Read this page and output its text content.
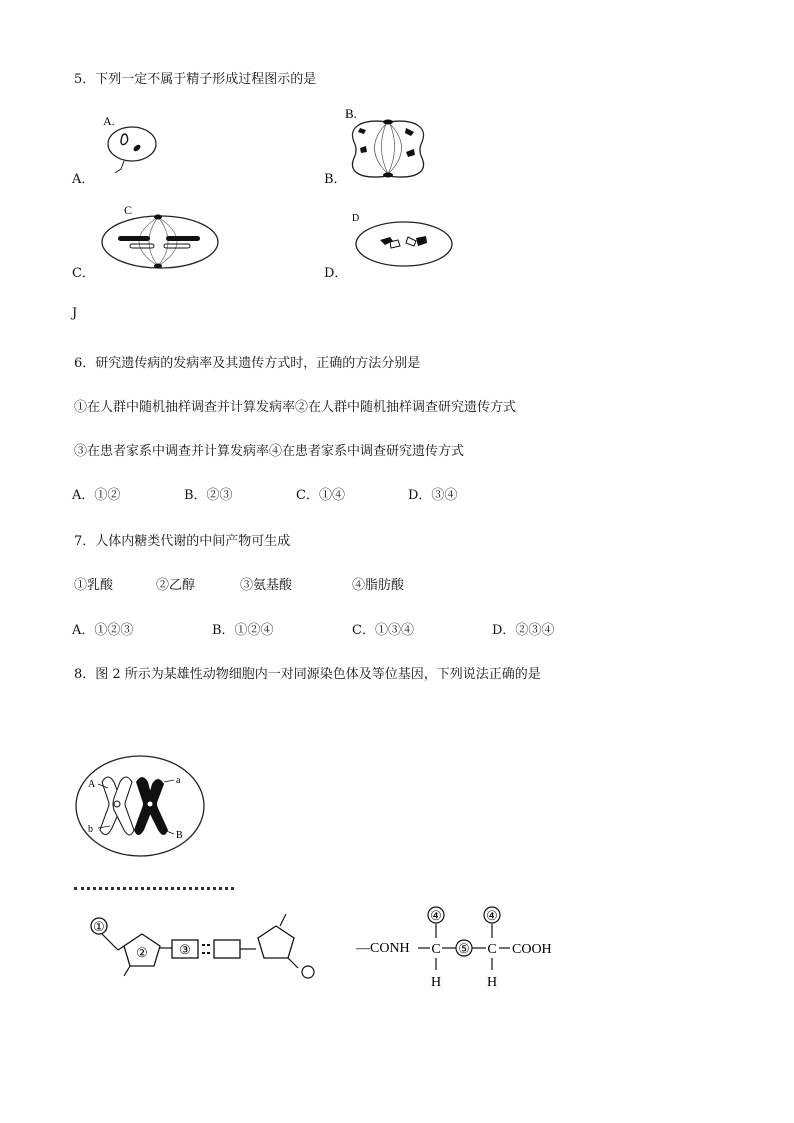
5．下列一定不属于精子形成过程图示的是
A.
A．
B.
B．
C
C．
D
D．
J
6．研究遗传病的发病率及其遗传方式时，正确的方法分别是
①在人群中随机抽样调查并计算发病率②在人群中随机抽样调查研究遗传方式
③在患者家系中调查并计算发病率④在患者家系中调查研究遗传方式
A．①②	B．②③	C．①④	D．③④
7．人体内糖类代谢的中间产物可生成
①乳酸	②乙醇	③氨基酸	④脂肪酸
A．①②③	B．①②④	C．①③④	D．②③④
8．图 2 所示为某雄性动物细胞内一对同源染色体及等位基因，下列说法正确的是
A	a
b
B
①
② ③	—CONH
④
C
H
⑤
④
C
H
COOH
